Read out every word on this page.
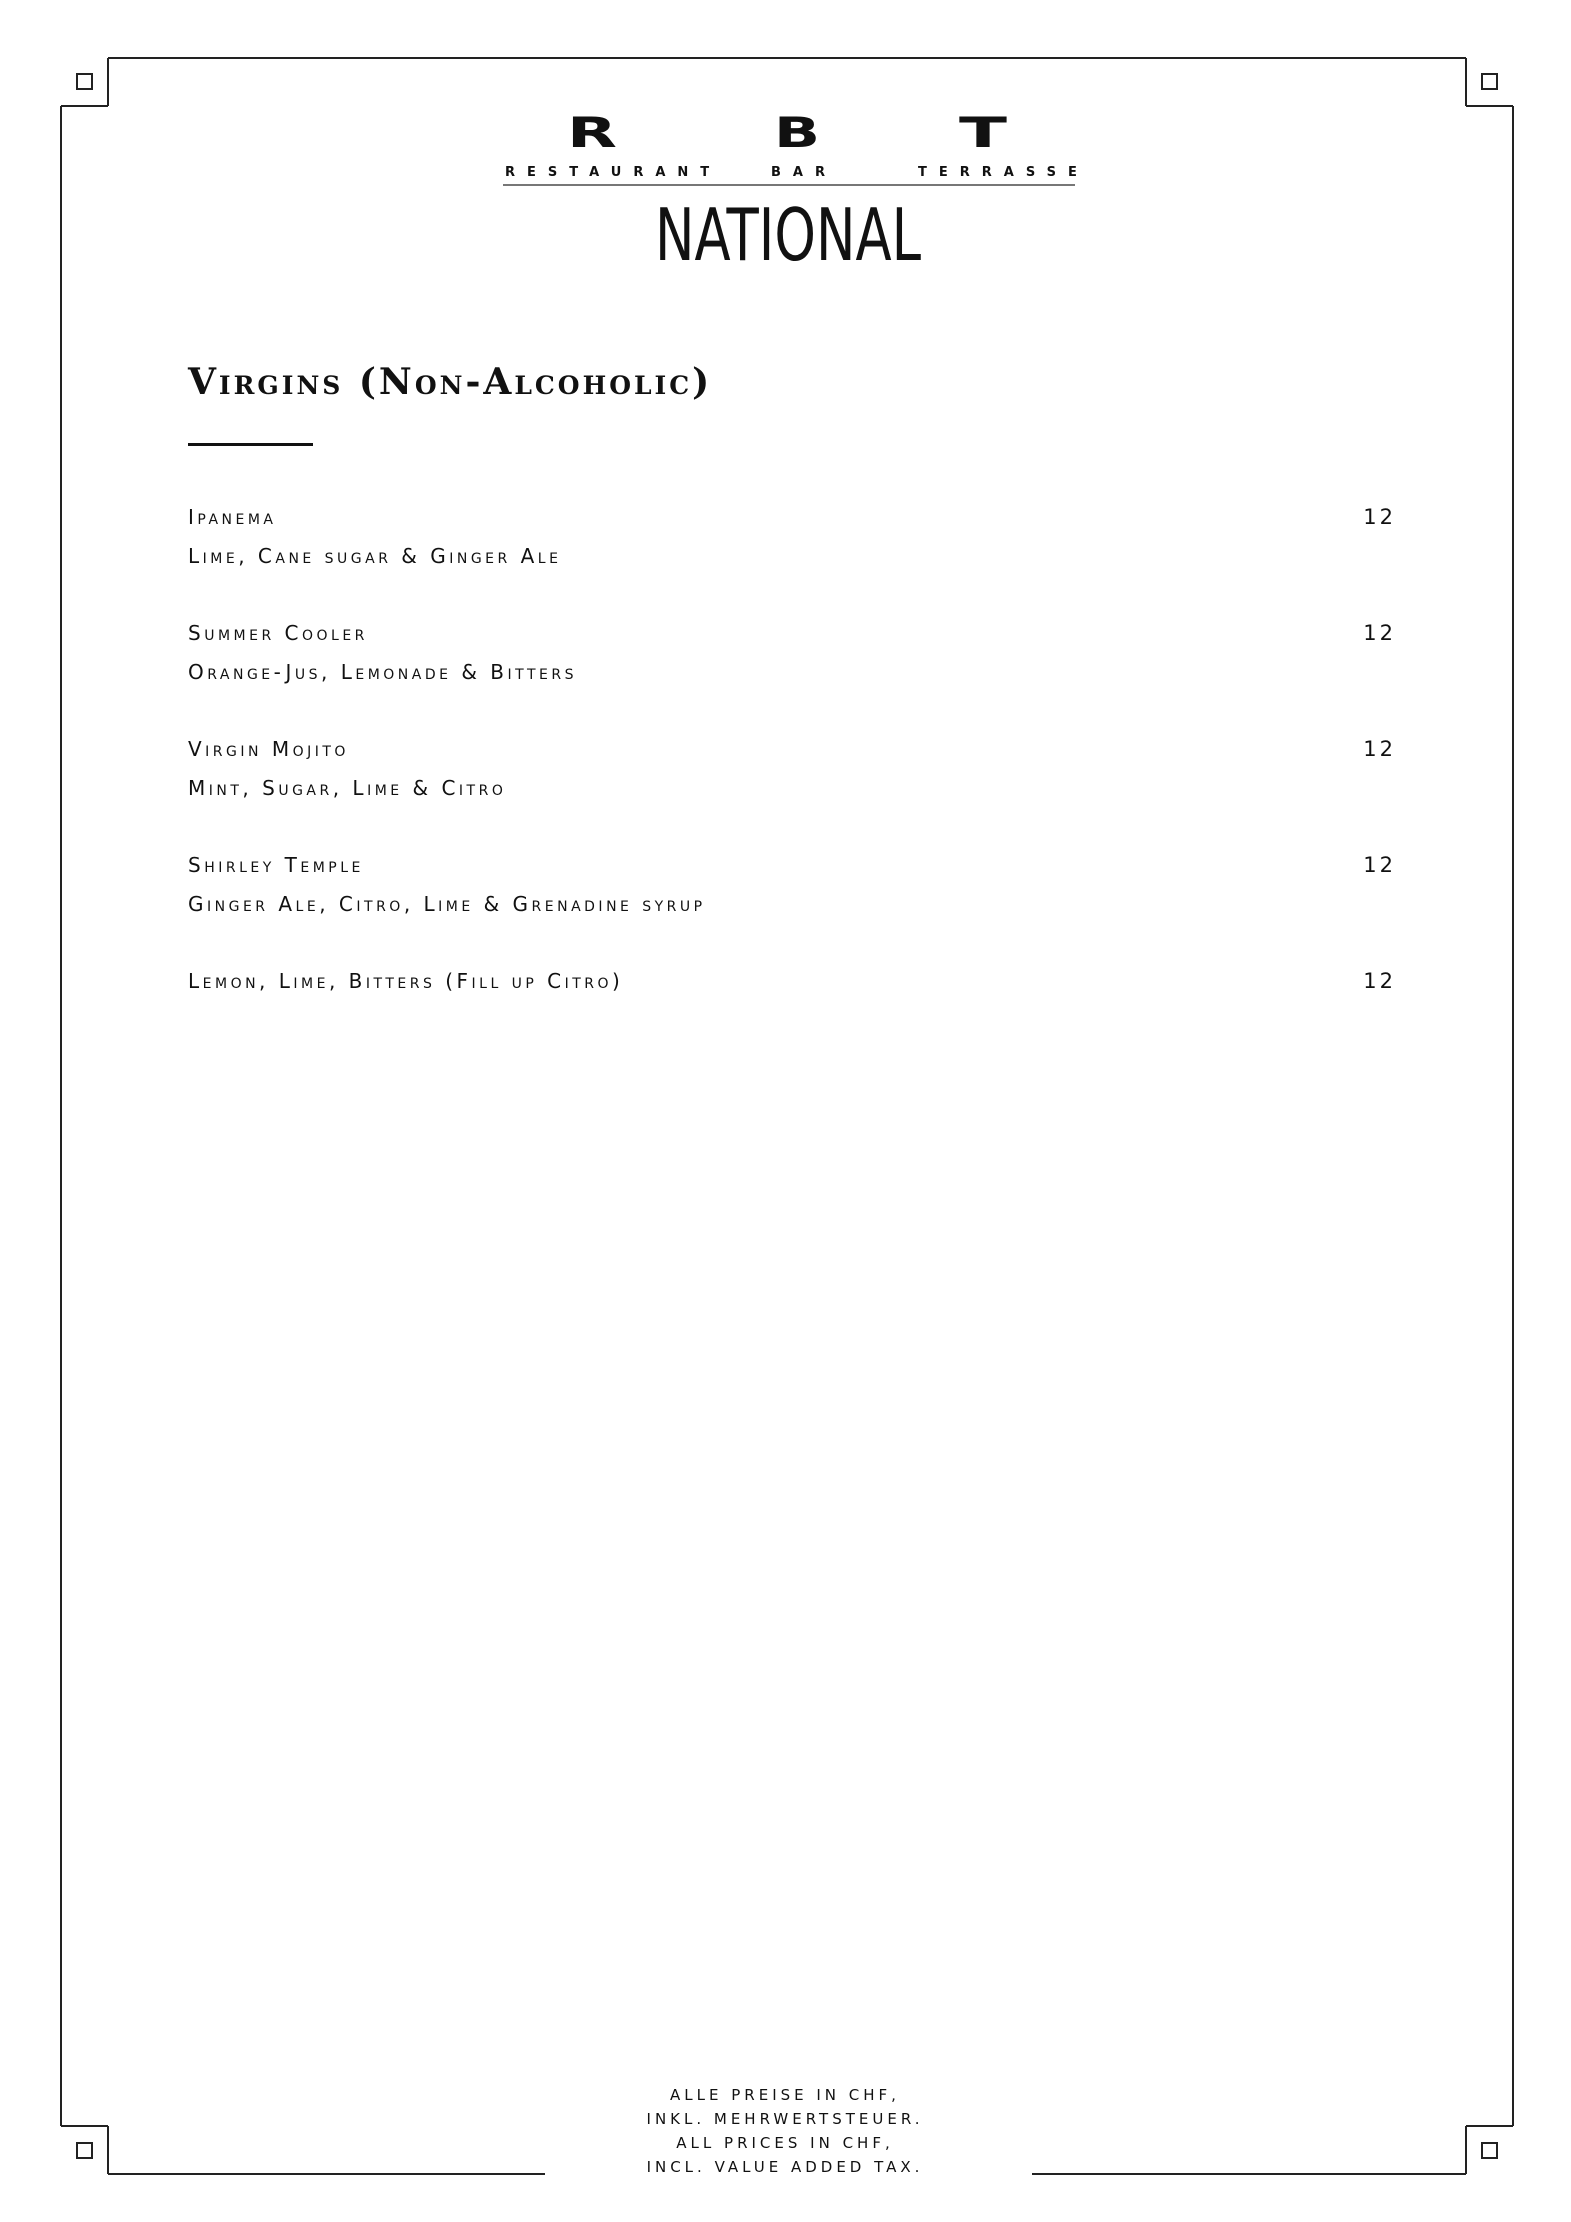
R	B	T
RESTAURANT	BAR	TERRASSE
NATIONAL
Virgins (Non-Alcoholic)
Ipanema	12
Lime, Cane sugar & Ginger Ale
Summer Cooler	12
Orange-Jus, Lemonade & Bitters
Virgin Mojito	12
Mint, Sugar, Lime & Citro
Shirley Temple	12
Ginger Ale, Citro, Lime & Grenadine syrup
Lemon, Lime, Bitters (Fill up Citro)	12
ALLE PREISE IN CHF,
INKL. MEHRWERTSTEUER.
ALL PRICES IN CHF,
INCL. VALUE ADDED TAX.
